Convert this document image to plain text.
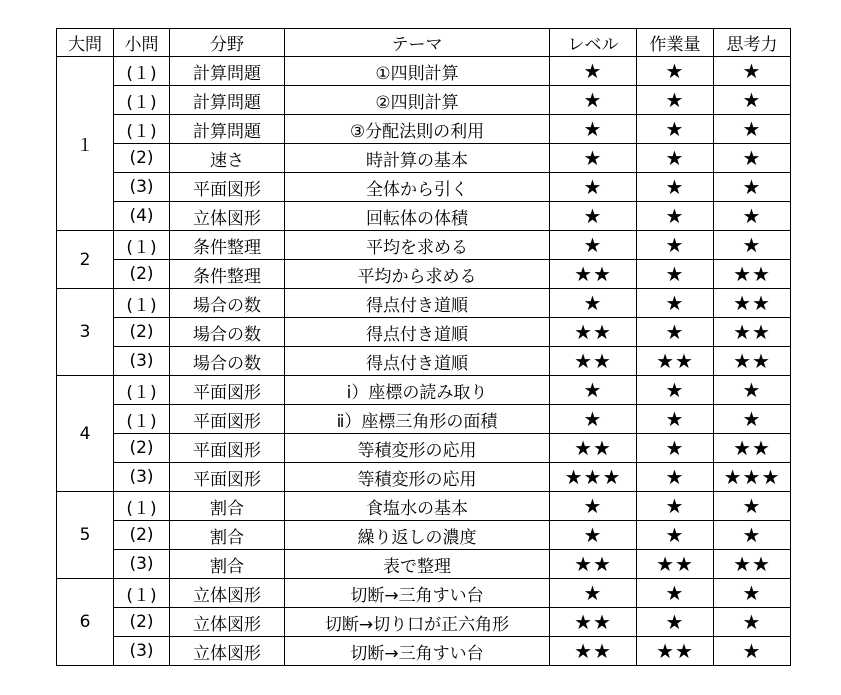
大問	小問	分野	テーマ	レベル	作業量	思考力
１	(１)	計算問題	①四則計算	★	★	★
	(１)	計算問題	②四則計算	★	★	★
	(１)	計算問題	③分配法則の利用	★	★	★
	(2)	速さ	時計算の基本	★	★	★
	(3)	平面図形	全体から引く	★	★	★
	(4)	立体図形	回転体の体積	★	★	★
2	(１)	条件整理	平均を求める	★	★	★
	(2)	条件整理	平均から求める	★★	★	★★
3	(１)	場合の数	得点付き道順	★	★	★★
	(2)	場合の数	得点付き道順	★★	★	★★
	(3)	場合の数	得点付き道順	★★	★★	★★
4	(１)	平面図形	ⅰ）座標の読み取り	★	★	★
	(１)	平面図形	ⅱ）座標三角形の面積	★	★	★
	(2)	平面図形	等積変形の応用	★★	★	★★
	(3)	平面図形	等積変形の応用	★★★	★	★★★
5	(１)	割合	食塩水の基本	★	★	★
	(2)	割合	繰り返しの濃度	★	★	★
	(3)	割合	表で整理	★★	★★	★★
6	(１)	立体図形	切断→三角すい台	★	★	★
	(2)	立体図形	切断→切り口が正六角形	★★	★	★
	(3)	立体図形	切断→三角すい台	★★	★★	★
